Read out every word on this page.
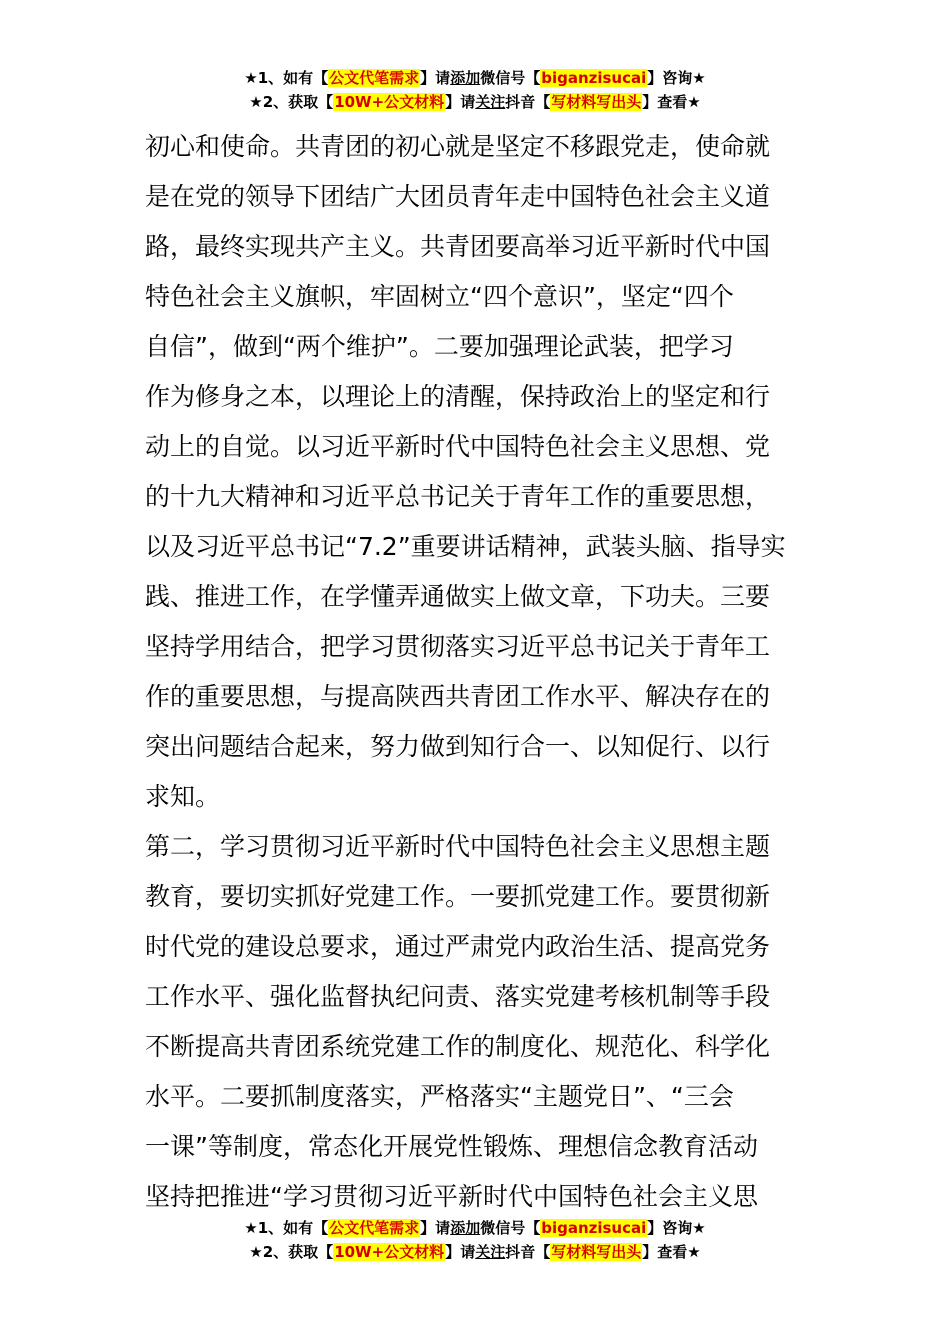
★1、如有【公文代笔需求】请添加微信号【biganzisucai】咨询★
★2、获取【10W+公文材料】请关注抖音【写材料写出头】查看★

初心和使命。共青团的初心就是坚定不移跟党走，使命就
是在党的领导下团结广大团员青年走中国特色社会主义道
路，最终实现共产主义。共青团要高举习近平新时代中国
特色社会主义旗帜，牢固树立“四个意识”，坚定“四个
自信”，做到“两个维护”。二要加强理论武装，把学习
作为修身之本，以理论上的清醒，保持政治上的坚定和行
动上的自觉。以习近平新时代中国特色社会主义思想、党
的十九大精神和习近平总书记关于青年工作的重要思想，
以及习近平总书记“7.2”重要讲话精神，武装头脑、指导实
践、推进工作，在学懂弄通做实上做文章，下功夫。三要
坚持学用结合，把学习贯彻落实习近平总书记关于青年工
作的重要思想，与提高陕西共青团工作水平、解决存在的
突出问题结合起来，努力做到知行合一、以知促行、以行
求知。

第二，学习贯彻习近平新时代中国特色社会主义思想主题
教育，要切实抓好党建工作。一要抓党建工作。要贯彻新
时代党的建设总要求，通过严肃党内政治生活、提高党务
工作水平、强化监督执纪问责、落实党建考核机制等手段
不断提高共青团系统党建工作的制度化、规范化、科学化
水平。二要抓制度落实，严格落实“主题党日”、“三会
一课”等制度，常态化开展党性锻炼、理想信念教育活动
坚持把推进“学习贯彻习近平新时代中国特色社会主义思

★1、如有【公文代笔需求】请添加微信号【biganzisucai】咨询★
★2、获取【10W+公文材料】请关注抖音【写材料写出头】查看★
